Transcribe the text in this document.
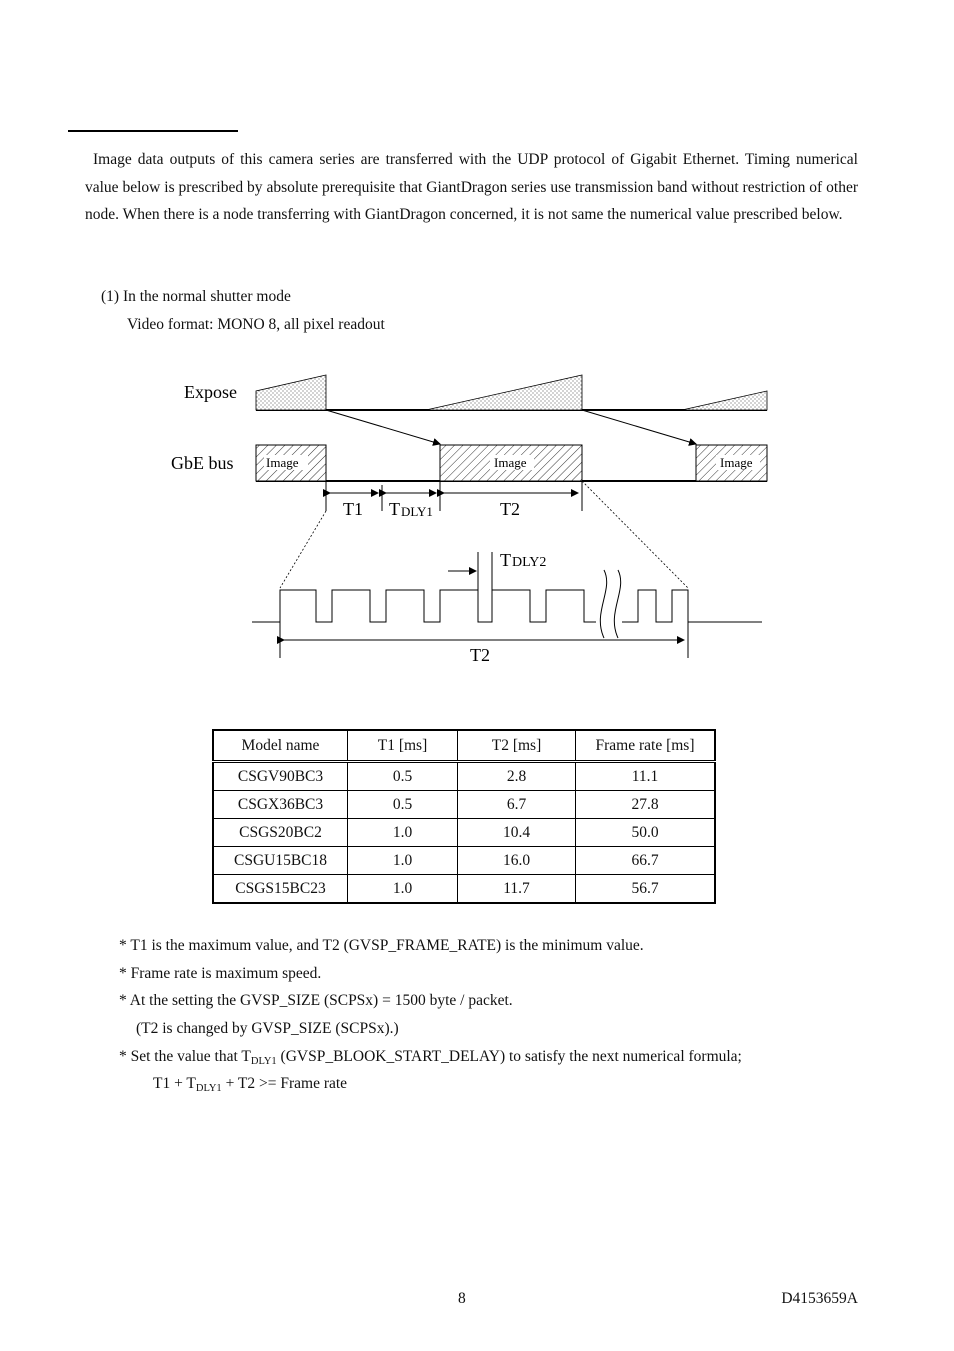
Image data outputs of this camera series are transferred with the UDP protocol of Gigabit Ethernet. Timing numerical value below is prescribed by absolute prerequisite that GiantDragon series use transmission band without restriction of other node. When there is a node transferring with GiantDragon concerned, it is not same the numerical value prescribed below.

(1) In the normal shutter mode
Video format: MONO 8, all pixel readout
Expose
GbE bus	Image	Image	Image
T1 T DLY1	T2
T DLY2
T2
Model name	T1 [ms]	T2 [ms]	Frame rate [ms]
CSGV90BC3	0.5	2.8	11.1
CSGX36BC3	0.5	6.7	27.8
CSGS20BC2	1.0	10.4	50.0
CSGU15BC18	1.0	16.0	66.7
CSGS15BC23	1.0	11.7	56.7
* T1 is the maximum value, and T2 (GVSP_FRAME_RATE) is the minimum value.
* Frame rate is maximum speed.
* At the setting the GVSP_SIZE (SCPSx) = 1500 byte / packet.
(T2 is changed by GVSP_SIZE (SCPSx).)
* Set the value that $T_{DLY1}$ (GVSP_BLOOK_START_DELAY) to satisfy the next numerical formula;
$T1 + T_{DLY1} + T2$ >= Frame rate
8	D4153659A
